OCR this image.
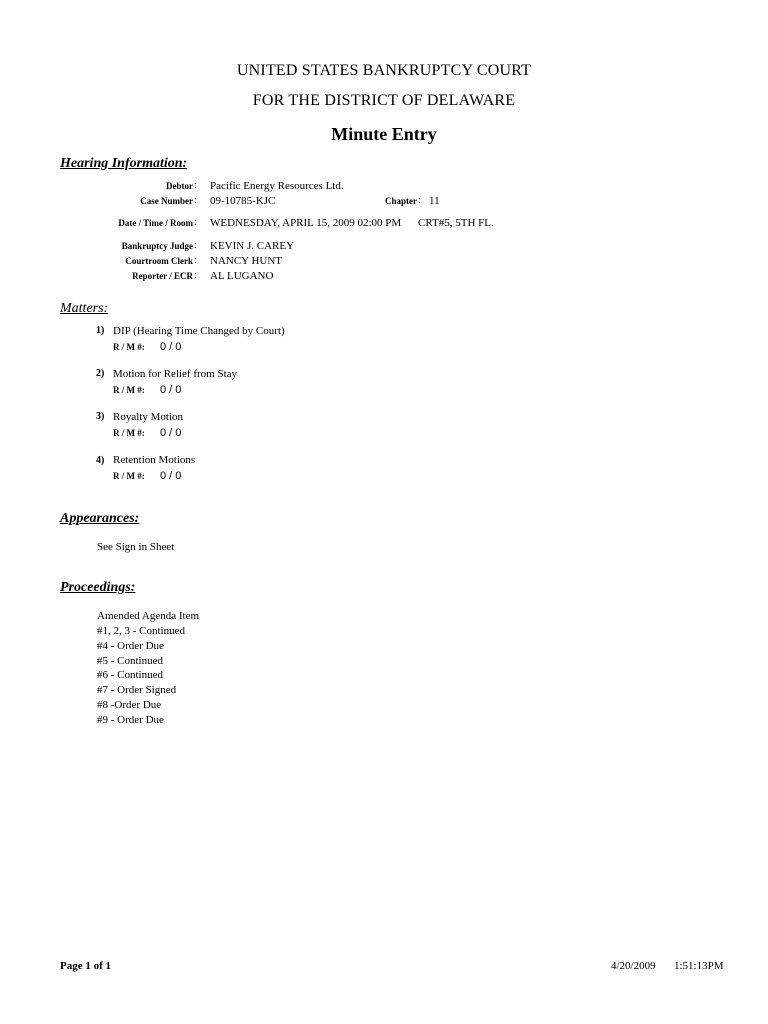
UNITED STATES BANKRUPTCY COURT
FOR THE DISTRICT OF DELAWARE
Minute Entry
Hearing Information:
Debtor : Pacific Energy Resources Ltd.
Case Number : 09-10785-KJC	Chapter : 11
Date / Time / Room : WEDNESDAY, APRIL 15, 2009 02:00 PM CRT#5, 5TH FL.
Bankruptcy Judge : KEVIN J. CAREY
Courtroom Clerk : NANCY HUNT
Reporter / ECR : AL LUGANO
Matters:
1) DIP (Hearing Time Changed by Court)
R / M #: 0 / 0
2) Motion for Relief from Stay
R / M #: 0 / 0
3) Royalty Motion
R / M #: 0 / 0
4) Retention Motions
R / M #: 0 / 0
Appearances:
See Sign in Sheet
Proceedings:
Amended Agenda Item
#1, 2, 3 - Continued
#4 - Order Due
#5 - Continued
#6 - Continued
#7 - Order Signed
#8 -Order Due
#9 - Order Due
Page 1 of 1	4/20/2009 1:51:13PM
